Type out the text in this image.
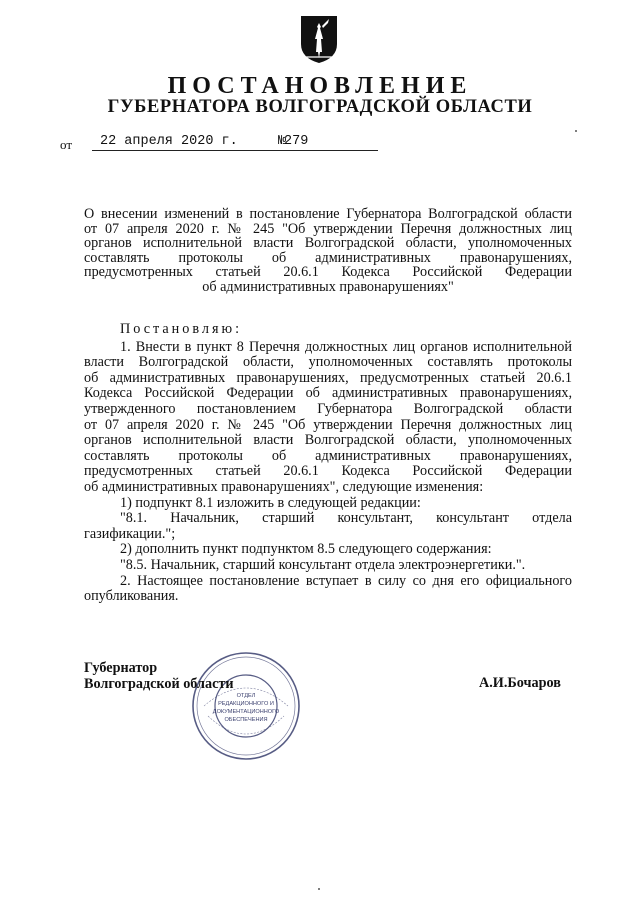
ПОСТАНОВЛЕНИЕ
ГУБЕРНАТОРА ВОЛГОГРАДСКОЙ ОБЛАСТИ
от 22 апреля 2020 г.	№
279
О внесении изменений в постановление Губернатора Волгоградской области
от 07 апреля 2020 г. № 245 "Об утверждении Перечня должностных лиц
органов исполнительной власти Волгоградской области, уполномоченных
составлять протоколы об административных правонарушениях,
предусмотренных статьей 20.6.1 Кодекса Российской Федерации
об административных правонарушениях"

Постановляю:

1. Внести в пункт 8 Перечня должностных лиц органов исполнительной

власти Волгоградской области, уполномоченных составлять протоколы

об административных правонарушениях, предусмотренных статьей 20.6.1

Кодекса Российской Федерации об административных правонарушениях,

утвержденного постановлением Губернатора Волгоградской области

от 07 апреля 2020 г. № 245 "Об утверждении Перечня должностных лиц

органов исполнительной власти Волгоградской области, уполномоченных

составлять протоколы об административных правонарушениях,

предусмотренных статьей 20.6.1 Кодекса Российской Федерации

об административных правонарушениях", следующие изменения:

1) подпункт 8.1 изложить в следующей редакции:

"8.1. Начальник, старший консультант, консультант отдела

газификации.";

2) дополнить пункт подпунктом 8.5 следующего содержания:

"8.5. Начальник, старший консультант отдела электроэнергетики.".

2. Настоящее постановление вступает в силу со дня его официального

опубликования.

ОТДЕЛ
РЕДАКЦИОННОГО И
ДОКУМЕНТАЦИОННОГО
ОБЕСПЕЧЕНИЯ
Губернатор
Волгоградской области	А.И.Бочаров
